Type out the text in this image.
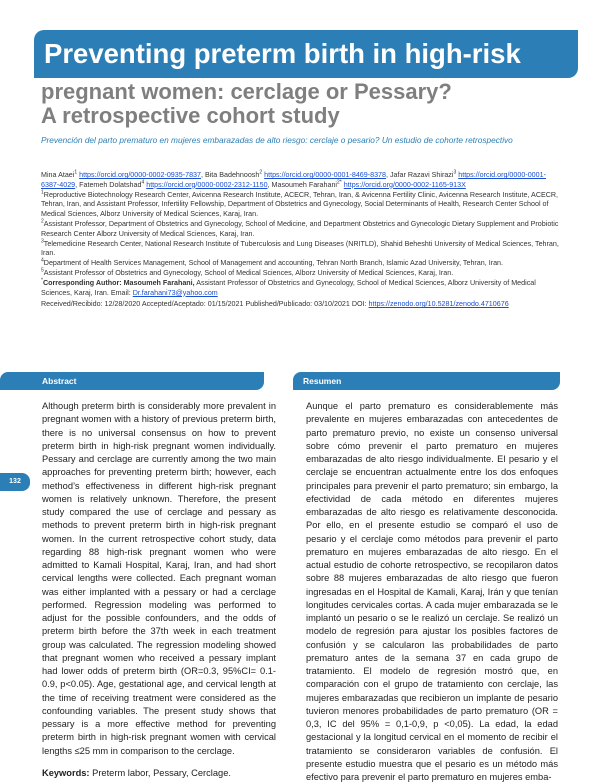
Preventing preterm birth in high-risk
pregnant women: cerclage or Pessary?
A retrospective cohort study
Prevención del parto prematuro en mujeres embarazadas de alto riesgo: cerclaje o pesario? Un estudio de cohorte retrospectivo

Mina Ataei$^1$ https://orcid.org/0000-0002-0935-7837, Bita Badehnoosh$^2$ https://orcid.org/0000-0001-8469-8378, Jafar Razavi Shirazi$^3$ https://orcid.org/0000-0001-6387-4029, Fatemeh Dolatshad$^4$ https://orcid.org/0000-0002-2312-1150, Masoumeh Farahani$^{2*}$ https://orcid.org/0000-0002-1165-913X

$^1$Reproductive Biotechnology Research Center, Avicenna Research Institute, ACECR, Tehran, Iran, & Avicenna Fertility Clinic, Avicenna Research Institute, ACECR, Tehran, Iran, and Assistant Professor, Infertility Fellowship, Department of Obstetrics and Gynecology, Social Determinants of Health, Research Center School of Medical Sciences, Alborz University of Medical Sciences, Karaj, Iran.

$^2$Assistant Professor, Department of Obstetrics and Gynecology, School of Medicine, and Department Obstetrics and Gynecologic Dietary Supplement and Probiotic Research Center Alborz University of Medical Sciences, Karaj, Iran.

$^3$Telemedicine Research Center, National Research Institute of Tuberculosis and Lung Diseases (NRITLD), Shahid Beheshti University of Medical Sciences, Tehran, Iran.

$^4$Department of Health Services Management, School of Management and accounting, Tehran North Branch, Islamic Azad University, Tehran, Iran.

$^5$Assistant Professor of Obstetrics and Gynecology, School of Medical Sciences, Alborz University of Medical Sciences, Karaj, Iran.

*Corresponding Author: Masoumeh Farahani, Assistant Professor of Obstetrics and Gynecology, School of Medical Sciences, Alborz University of Medical Sciences, Karaj, Iran. Email: Dr.farahani73@yahoo.com

Received/Recibido: 12/28/2020 Accepted/Aceptado: 01/15/2021 Published/Publicado: 03/10/2021 DOI: https://zenodo.org/10.5281/zenodo.4710676

Abstract	Resumen
132

Although preterm birth is considerably more prevalent in pregnant women with a history of previous preterm birth, there is no universal consensus on how to prevent preterm birth in high-risk pregnant women individually. Pessary and cerclage are currently among the two main approaches for preventing preterm birth; however, each method’s effectiveness in different high-risk pregnant women is relatively unknown. Therefore, the present study compared the use of cerclage and pessary as methods to prevent preterm birth in high-risk pregnant women. In the current retrospective cohort study, data regarding 88 high-risk pregnant women who were admitted to Kamali Hospital, Karaj, Iran, and had short cervical lengths were collected. Each pregnant woman was either implanted with a pessary or had a cerclage performed. Regression modeling was performed to adjust for the possible confounders, and the odds of preterm birth before the 37th week in each treatment group was calculated. The regression modeling showed that pregnant women who received a pessary implant had lower odds of preterm birth (OR=0.3, 95%CI= 0.1-0.9, p<0.05). Age, gestational age, and cervical length at the time of receiving treatment were considered as the confounding variables. The present study shows that pessary is a more effective method for preventing preterm birth in high-risk pregnant women with cervical lengths ≤25 mm in comparison to the cerclage.

Keywords: Preterm labor, Pessary, Cerclage.

Aunque el parto prematuro es considerablemente más prevalente en mujeres embarazadas con antecedentes de parto prematuro previo, no existe un consenso universal sobre cómo prevenir el parto prematuro en mujeres embarazadas de alto riesgo individualmente. El pesario y el cerclaje se encuentran actualmente entre los dos enfoques principales para prevenir el parto prematuro; sin embargo, la efectividad de cada método en diferentes mujeres embarazadas de alto riesgo es relativamente desconocida. Por ello, en el presente estudio se comparó el uso de pesario y el cerclaje como métodos para prevenir el parto prematuro en mujeres embarazadas de alto riesgo. En el actual estudio de cohorte retrospectivo, se recopilaron datos sobre 88 mujeres embarazadas de alto riesgo que fueron ingresadas en el Hospital de Kamali, Karaj, Irán y que tenían longitudes cervicales cortas. A cada mujer embarazada se le implantó un pesario o se le realizó un cerclaje. Se realizó un modelo de regresión para ajustar los posibles factores de confusión y se calcularon las probabilidades de parto prematuro antes de la semana 37 en cada grupo de tratamiento. El modelo de regresión mostró que, en comparación con el grupo de tratamiento con cerclaje, las mujeres embarazadas que recibieron un implante de pesario tuvieron menores probabilidades de parto prematuro (OR = 0,3, IC del 95% = 0,1-0,9, p <0,05). La edad, la edad gestacional y la longitud cervical en el momento de recibir el tratamiento se consideraron variables de confusión. El presente estudio muestra que el pesario es un método más efectivo para prevenir el parto prematuro en mujeres emba-
